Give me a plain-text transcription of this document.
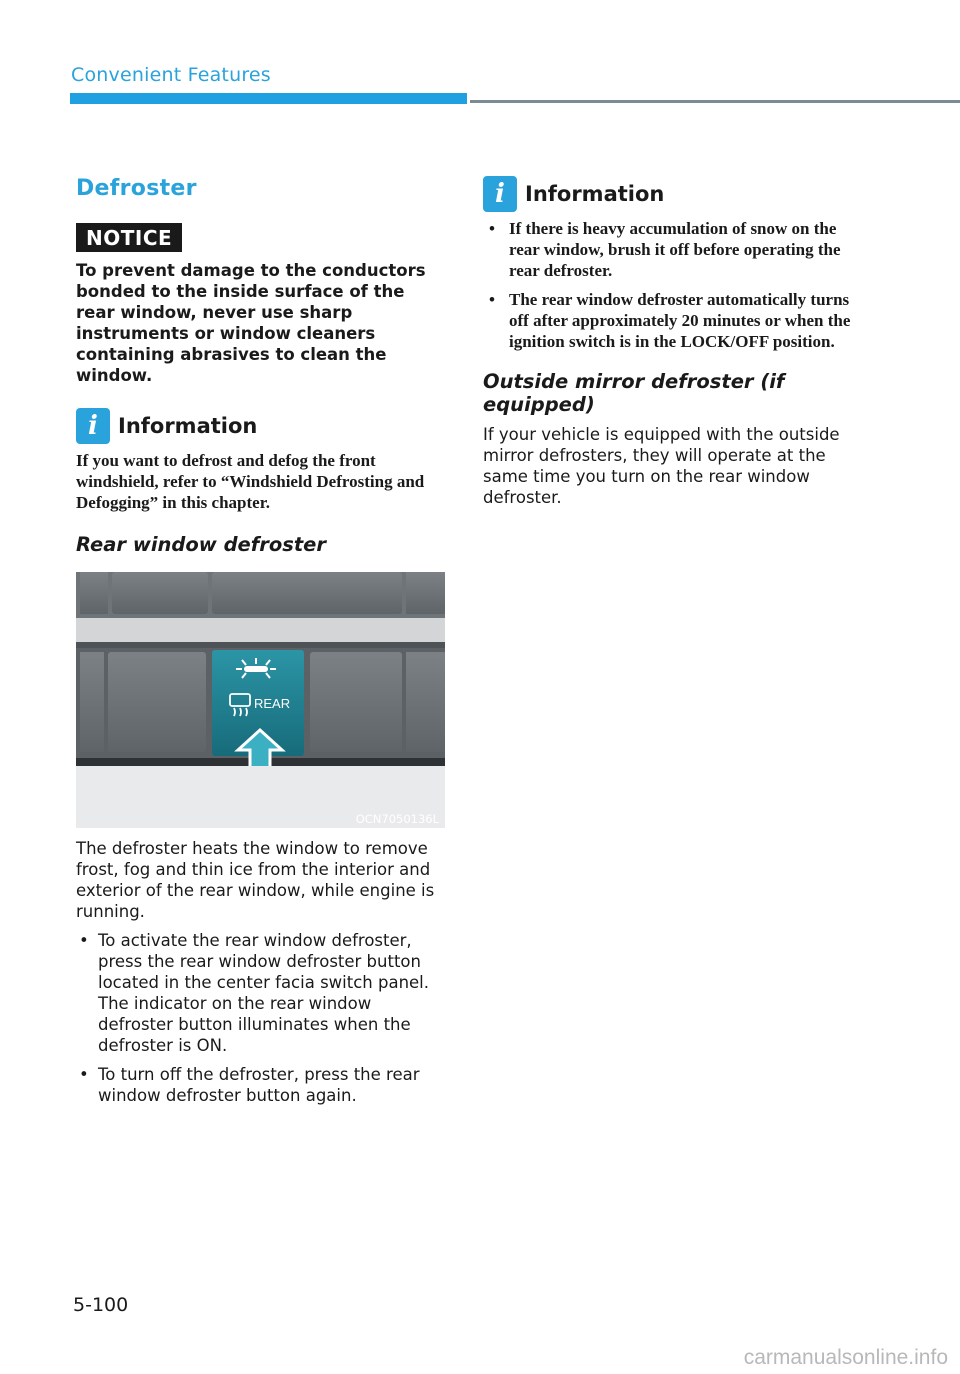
Convenient Features
Defroster
NOTICE
To prevent damage to the conductors bonded to the inside surface of the rear window, never use sharp instruments or window cleaners containing abrasives to clean the window.
i Information
If you want to defrost and defog the front windshield, refer to “Windshield Defrosting and Defogging” in this chapter.
Rear window defroster
REAR
OCN7050136L
The defroster heats the window to remove frost, fog and thin ice from the interior and exterior of the rear window, while engine is running.
• To activate the rear window defroster, press the rear window defroster button located in the center facia switch panel. The indicator on the rear window defroster button illuminates when the defroster is ON.
• To turn off the defroster, press the rear window defroster button again.
i Information
• If there is heavy accumulation of snow on the rear window, brush it off before operating the rear defroster.
• The rear window defroster automatically turns off after approximately 20 minutes or when the ignition switch is in the LOCK/OFF position.
Outside mirror defroster (if equipped)
If your vehicle is equipped with the outside mirror defrosters, they will operate at the same time you turn on the rear window defroster.
5-100
carmanualsonline.info
